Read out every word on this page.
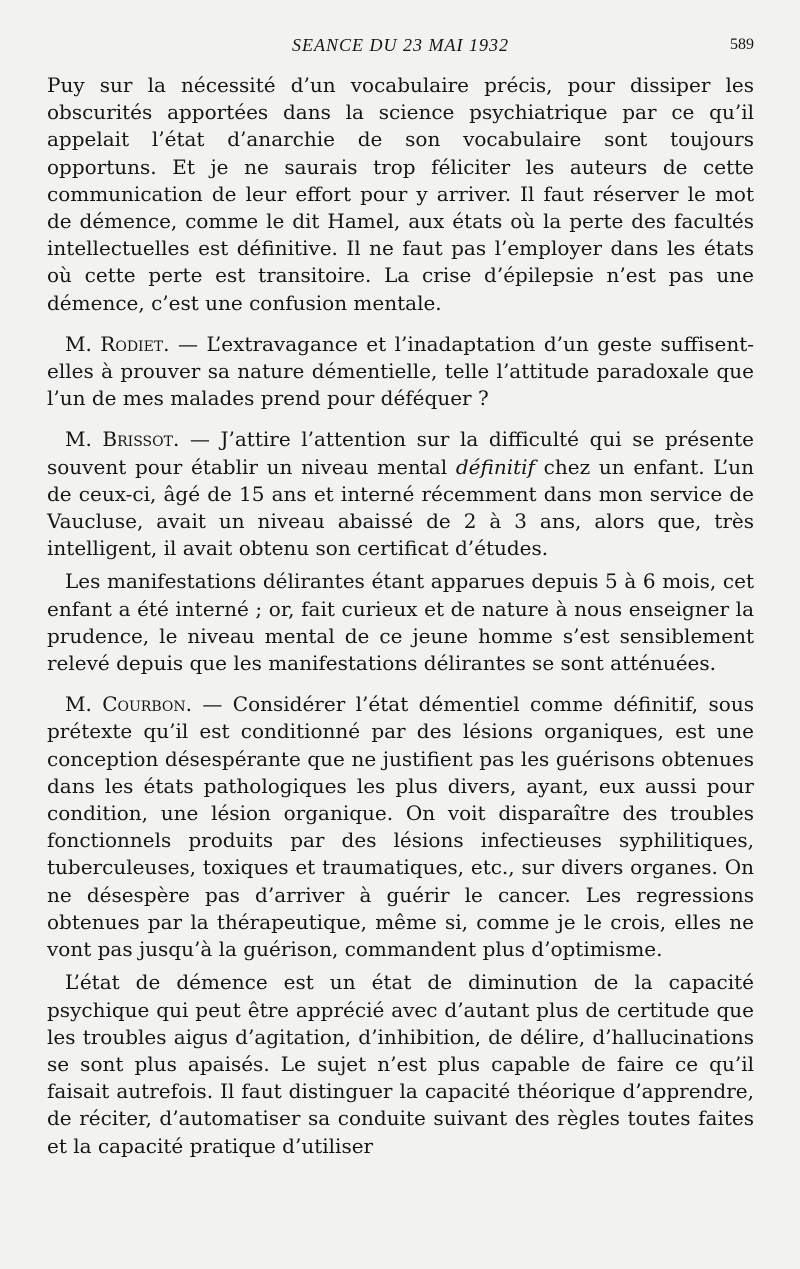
SEANCE DU 23 MAI 1932	589

Puy sur la nécessité d’un vocabulaire précis, pour dissiper les obscurités apportées dans la science psychiatrique par ce qu’il appelait l’état d’anarchie de son vocabulaire sont toujours opportuns. Et je ne saurais trop féliciter les auteurs de cette communication de leur effort pour y arriver. Il faut réserver le mot de démence, comme le dit Hamel, aux états où la perte des facultés intellectuelles est définitive. Il ne faut pas l’employer dans les états où cette perte est transitoire. La crise d’épilepsie n’est pas une démence, c’est une confusion mentale.

M. Rodiet. — L’extravagance et l’inadaptation d’un geste suffisent-elles à prouver sa nature démentielle, telle l’attitude paradoxale que l’un de mes malades prend pour déféquer ?

M. Brissot. — J’attire l’attention sur la difficulté qui se présente souvent pour établir un niveau mental définitif chez un enfant. L’un de ceux-ci, âgé de 15 ans et interné récemment dans mon service de Vaucluse, avait un niveau abaissé de 2 à 3 ans, alors que, très intelligent, il avait obtenu son certificat d’études.

Les manifestations délirantes étant apparues depuis 5 à 6 mois, cet enfant a été interné ; or, fait curieux et de nature à nous enseigner la prudence, le niveau mental de ce jeune homme s’est sensiblement relevé depuis que les manifestations délirantes se sont atténuées.

M. Courbon. — Considérer l’état démentiel comme définitif, sous prétexte qu’il est conditionné par des lésions organiques, est une conception désespérante que ne justifient pas les guérisons obtenues dans les états pathologiques les plus divers, ayant, eux aussi pour condition, une lésion organique. On voit disparaître des troubles fonctionnels produits par des lésions infectieuses syphilitiques, tuberculeuses, toxiques et traumatiques, etc., sur divers organes. On ne désespère pas d’arriver à guérir le cancer. Les regressions obtenues par la thérapeutique, même si, comme je le crois, elles ne vont pas jusqu’à la guérison, commandent plus d’optimisme.

L’état de démence est un état de diminution de la capacité psychique qui peut être apprécié avec d’autant plus de certitude que les troubles aigus d’agitation, d’inhibition, de délire, d’hallucinations se sont plus apaisés. Le sujet n’est plus capable de faire ce qu’il faisait autrefois. Il faut distinguer la capacité théorique d’apprendre, de réciter, d’automatiser sa conduite suivant des règles toutes faites et la capacité pratique d’utiliser
